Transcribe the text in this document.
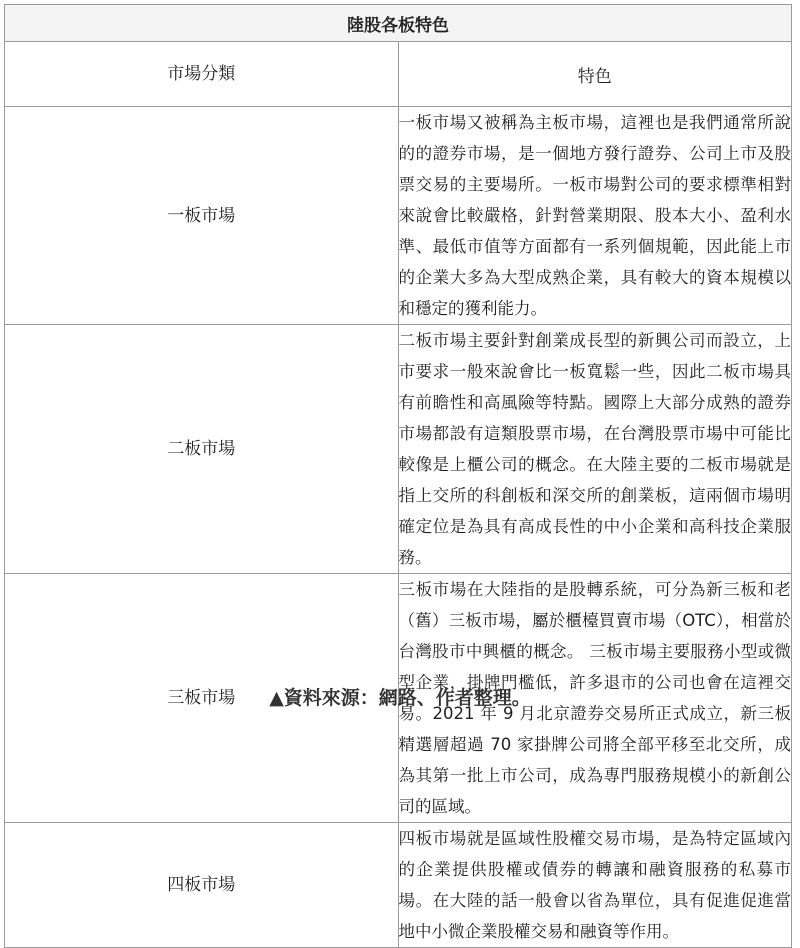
陸股各板特色	
市場分類	特色
一板市場	一板市場又被稱為主板市場，這裡也是我們通常所說的的證券市場，是一個地方發行證券、公司上市及股票交易的主要場所。一板市場對公司的要求標準相對來說會比較嚴格，針對營業期限、股本大小、盈利水準、最低市值等方面都有一系列個規範，因此能上市的企業大多為大型成熟企業，具有較大的資本規模以和穩定的獲利能力。
二板市場	二板市場主要針對創業成長型的新興公司而設立，上市要求一般來說會比一板寬鬆一些，因此二板市場具有前瞻性和高風險等特點。國際上大部分成熟的證券市場都設有這類股票市場，在台灣股票市場中可能比較像是上櫃公司的概念。在大陸主要的二板市場就是指上交所的科創板和深交所的創業板，這兩個市場明確定位是為具有高成長性的中小企業和高科技企業服務。
三板市場	三板市場在大陸指的是股轉系統，可分為新三板和老（舊）三板市場，屬於櫃檯買賣市場（OTC），相當於台灣股市中興櫃的概念。 三板市場主要服務小型或微型企業，掛牌門檻低，許多退市的公司也會在這裡交易。2021 年 9 月北京證券交易所正式成立，新三板精選層超過 70 家掛牌公司將全部平移至北交所，成為其第一批上市公司，成為專門服務規模小的新創公司的區域。
四板市場	四板市場就是區域性股權交易市場，是為特定區域內的企業提供股權或債券的轉讓和融資服務的私募市場。在大陸的話一般會以省為單位，具有促進促進當地中小微企業股權交易和融資等作用。
▲資料來源：網路、作者整理。
